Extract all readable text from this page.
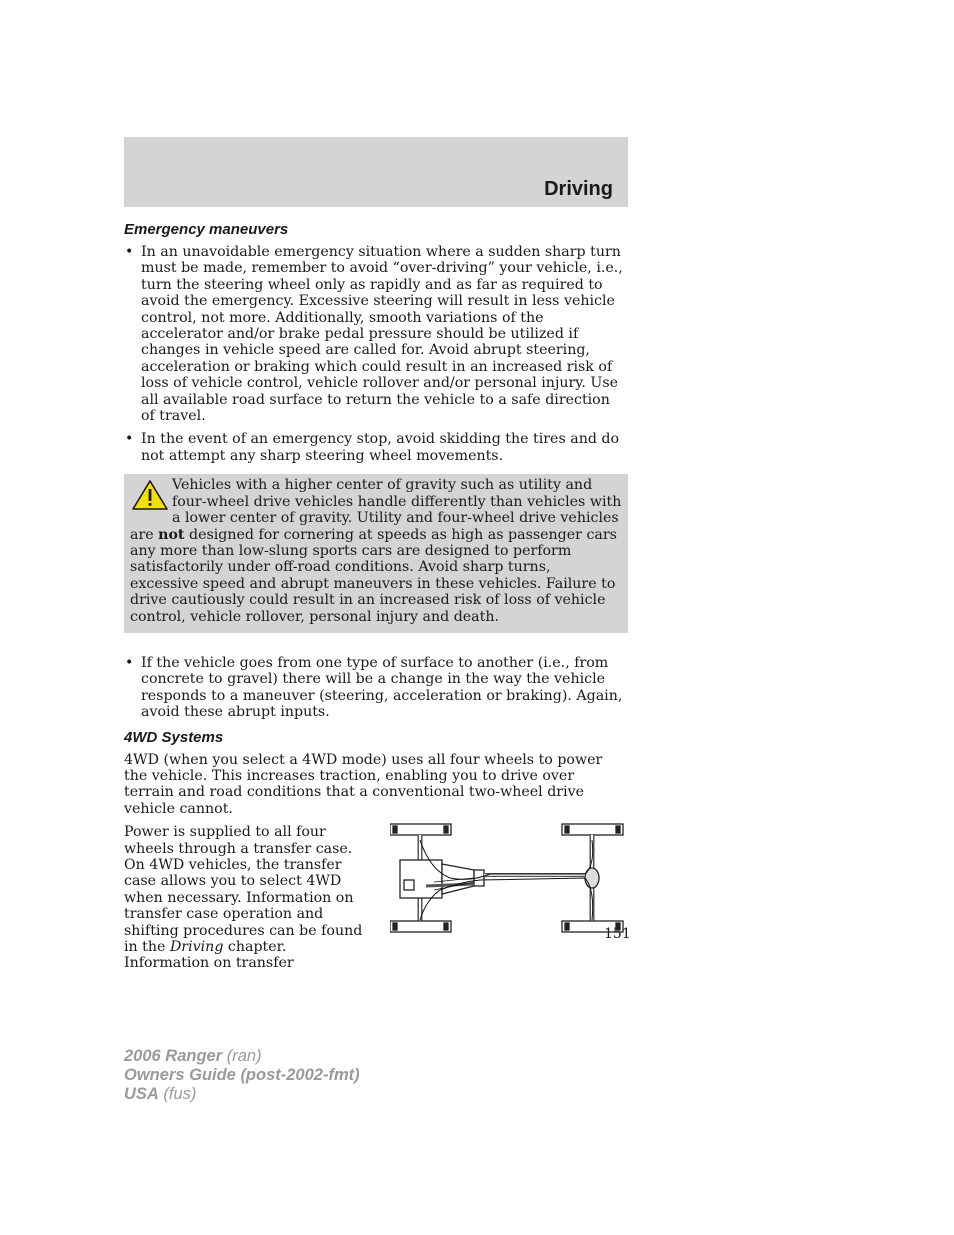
Driving
Emergency maneuvers
• In an unavoidable emergency situation where a sudden sharp turn must be made, remember to avoid “over-driving” your vehicle, i.e., turn the steering wheel only as rapidly and as far as required to avoid the emergency. Excessive steering will result in less vehicle control, not more. Additionally, smooth variations of the accelerator and/or brake pedal pressure should be utilized if changes in vehicle speed are called for. Avoid abrupt steering, acceleration or braking which could result in an increased risk of loss of vehicle control, vehicle rollover and/or personal injury. Use all available road surface to return the vehicle to a safe direction of travel.
• In the event of an emergency stop, avoid skidding the tires and do not attempt any sharp steering wheel movements.
Vehicles with a higher center of gravity such as utility and four-wheel drive vehicles handle differently than vehicles with a lower center of gravity. Utility and four-wheel drive vehicles are not designed for cornering at speeds as high as passenger cars any more than low-slung sports cars are designed to perform satisfactorily under off-road conditions. Avoid sharp turns, excessive speed and abrupt maneuvers in these vehicles. Failure to drive cautiously could result in an increased risk of loss of vehicle control, vehicle rollover, personal injury and death.
• If the vehicle goes from one type of surface to another (i.e., from concrete to gravel) there will be a change in the way the vehicle responds to a maneuver (steering, acceleration or braking). Again, avoid these abrupt inputs.
4WD Systems

4WD (when you select a 4WD mode) uses all four wheels to power the vehicle. This increases traction, enabling you to drive over terrain and road conditions that a conventional two-wheel drive vehicle cannot.

Power is supplied to all four wheels through a transfer case. On 4WD vehicles, the transfer case allows you to select 4WD when necessary. Information on transfer case operation and shifting procedures can be found in the Driving chapter. Information on transfer

151
2006 Ranger (ran)
Owners Guide (post-2002-fmt)
USA (fus)
